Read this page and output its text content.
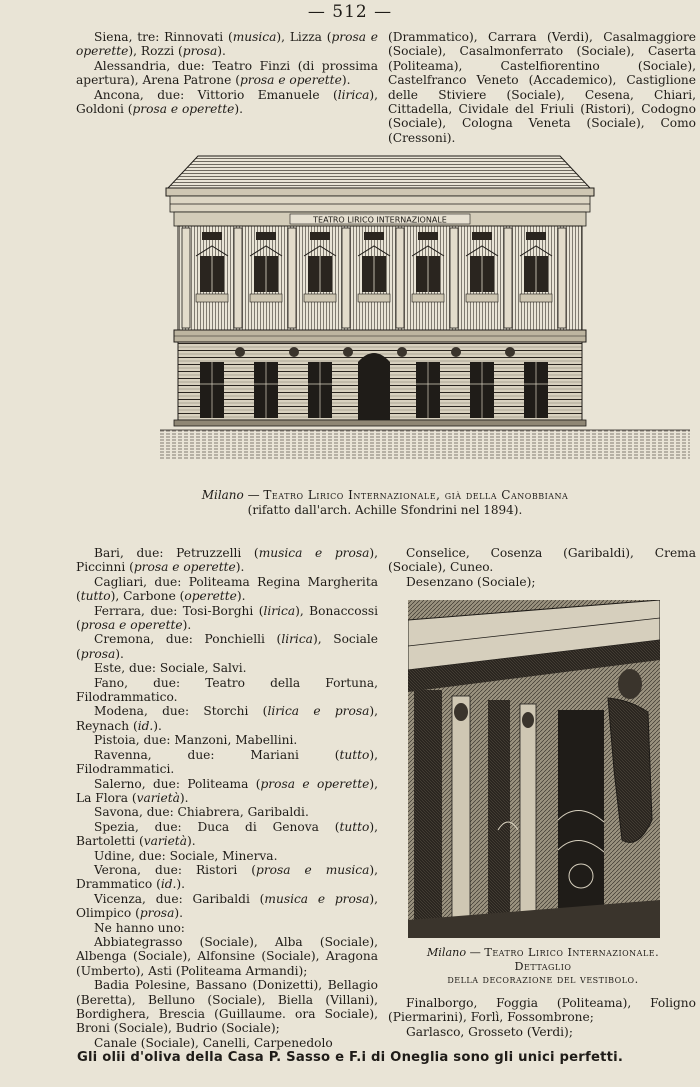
— 512 —

Siena, tre: Rinnovati (musica), Lizza (prosa e operette), Rozzi (prosa).

Alessandria, due: Teatro Finzi (di prossima apertura), Arena Patrone (prosa e operette).

Ancona, due: Vittorio Emanuele (lirica), Goldoni (prosa e operette).

(Drammatico), Carrara (Verdi), Casalmaggiore (Sociale), Casalmonferrato (Sociale), Caserta (Politeama), Castelfiorentino (Sociale), Castelfranco Veneto (Accademico), Castiglione delle Stiviere (Sociale), Cesena, Chiari, Cittadella, Cividale del Friuli (Ristori), Codogno (Sociale), Cologna Veneta (Sociale), Como (Cressoni).

TEATRO LIRICO INTERNAZIONALE
Milano — Teatro Lirico Internazionale, già della Canobbiana
(rifatto dall'arch. Achille Sfondrini nel 1894).

Bari, due: Petruzzelli (musica e prosa), Piccinni (prosa e operette).

Cagliari, due: Politeama Regina Margherita (tutto), Carbone (operette).

Ferrara, due: Tosi-Borghi (lirica), Bonaccossi (prosa e operette).

Cremona, due: Ponchielli (lirica), Sociale (prosa).

Este, due: Sociale, Salvi.

Fano, due: Teatro della Fortuna, Filodrammatico.

Modena, due: Storchi (lirica e prosa), Reynach (id.).

Pistoia, due: Manzoni, Mabellini.

Ravenna, due: Mariani (tutto), Filodrammatici.

Salerno, due: Politeama (prosa e operette), La Flora (varietà).

Savona, due: Chiabrera, Garibaldi.

Spezia, due: Duca di Genova (tutto), Bartoletti (varietà).

Udine, due: Sociale, Minerva.

Verona, due: Ristori (prosa e musica), Drammatico (id.).

Vicenza, due: Garibaldi (musica e prosa), Olimpico (prosa).

Ne hanno uno:

Abbiategrasso (Sociale), Alba (Sociale), Albenga (Sociale), Alfonsine (Sociale), Aragona (Umberto), Asti (Politeama Armandi);

Badia Polesine, Bassano (Donizetti), Bellagio (Beretta), Belluno (Sociale), Biella (Villani), Bordighera, Brescia (Guillaume. ora Sociale), Broni (Sociale), Budrio (Sociale);

Canale (Sociale), Canelli, Carpenedolo

Conselice, Cosenza (Garibaldi), Crema (Sociale), Cuneo.

Desenzano (Sociale);

Milano — Teatro Lirico Internazionale.
Dettaglio
della decorazione del vestibolo.

Finalborgo, Foggia (Politeama), Foligno (Piermarini), Forlì, Fossombrone;

Garlasco, Grosseto (Verdi);

Gli olii d'oliva della Casa P. Sasso e F.i di Oneglia sono gli unici perfetti.
